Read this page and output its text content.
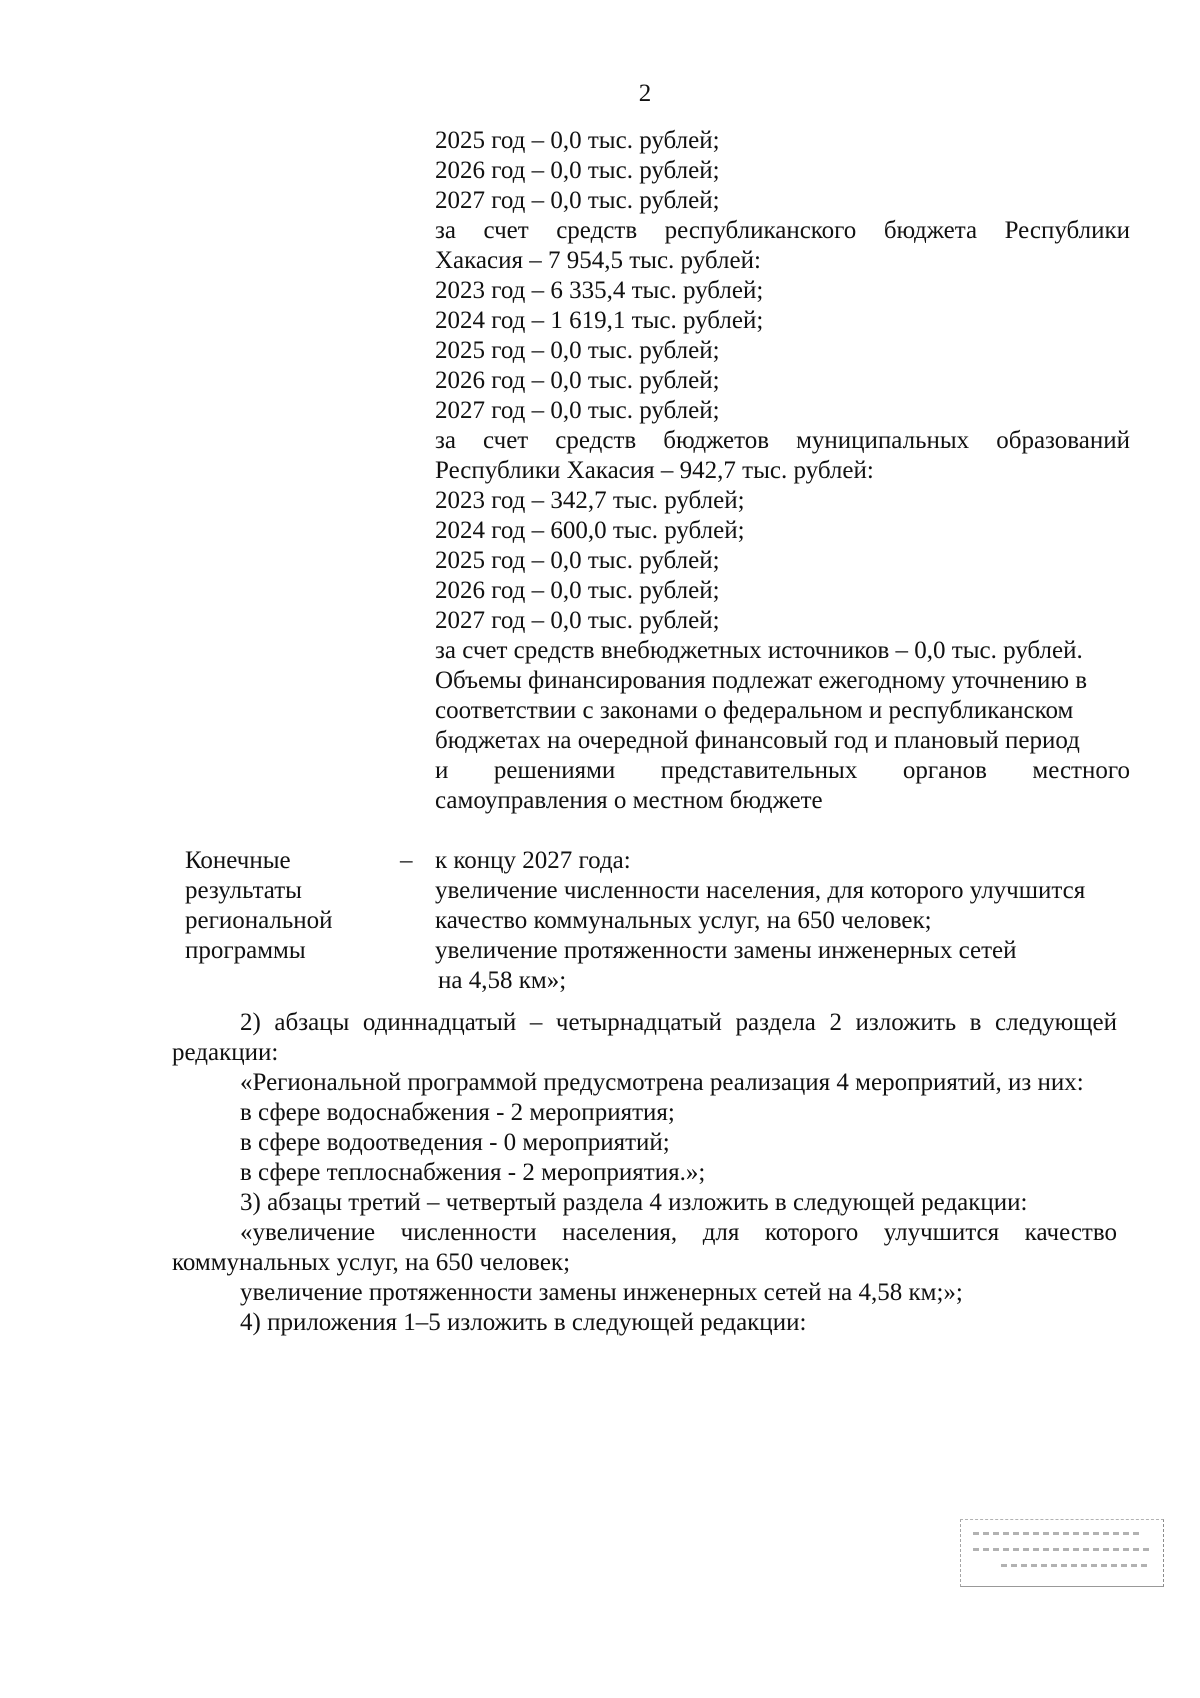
2
2025 год – 0,0 тыс. рублей;
2026 год – 0,0 тыс. рублей;
2027 год – 0,0 тыс. рублей;
за счет средств республиканского бюджета Республики
Хакасия – 7 954,5 тыс. рублей:
2023 год – 6 335,4 тыс. рублей;
2024 год – 1 619,1 тыс. рублей;
2025 год – 0,0 тыс. рублей;
2026 год – 0,0 тыс. рублей;
2027 год – 0,0 тыс. рублей;
за счет средств бюджетов муниципальных образований
Республики Хакасия – 942,7 тыс. рублей:
2023 год – 342,7 тыс. рублей;
2024 год – 600,0 тыс. рублей;
2025 год – 0,0 тыс. рублей;
2026 год – 0,0 тыс. рублей;
2027 год – 0,0 тыс. рублей;
за счет средств внебюджетных источников – 0,0 тыс. рублей.
Объемы финансирования подлежат ежегодному уточнению в
соответствии с законами о федеральном и республиканском
бюджетах на очередной финансовый год и плановый период
и решениями представительных органов местного
самоуправления о местном бюджете
Конечные
результаты
региональной
программы
– к концу 2027 года:
увеличение численности населения, для которого улучшится
качество коммунальных услуг, на 650 человек;
увеличение протяженности замены инженерных сетей
на 4,58 км»;

2) абзацы одиннадцатый – четырнадцатый раздела 2 изложить в следующей редакции:

«Региональной программой предусмотрена реализация 4 мероприятий, из них:

в сфере водоснабжения - 2 мероприятия;

в сфере водоотведения - 0 мероприятий;

в сфере теплоснабжения - 2 мероприятия.»;

3) абзацы третий – четвертый раздела 4 изложить в следующей редакции:

«увеличение численности населения, для которого улучшится качество коммунальных услуг, на 650 человек;

увеличение протяженности замены инженерных сетей на 4,58 км;»;

4) приложения 1–5 изложить в следующей редакции:
